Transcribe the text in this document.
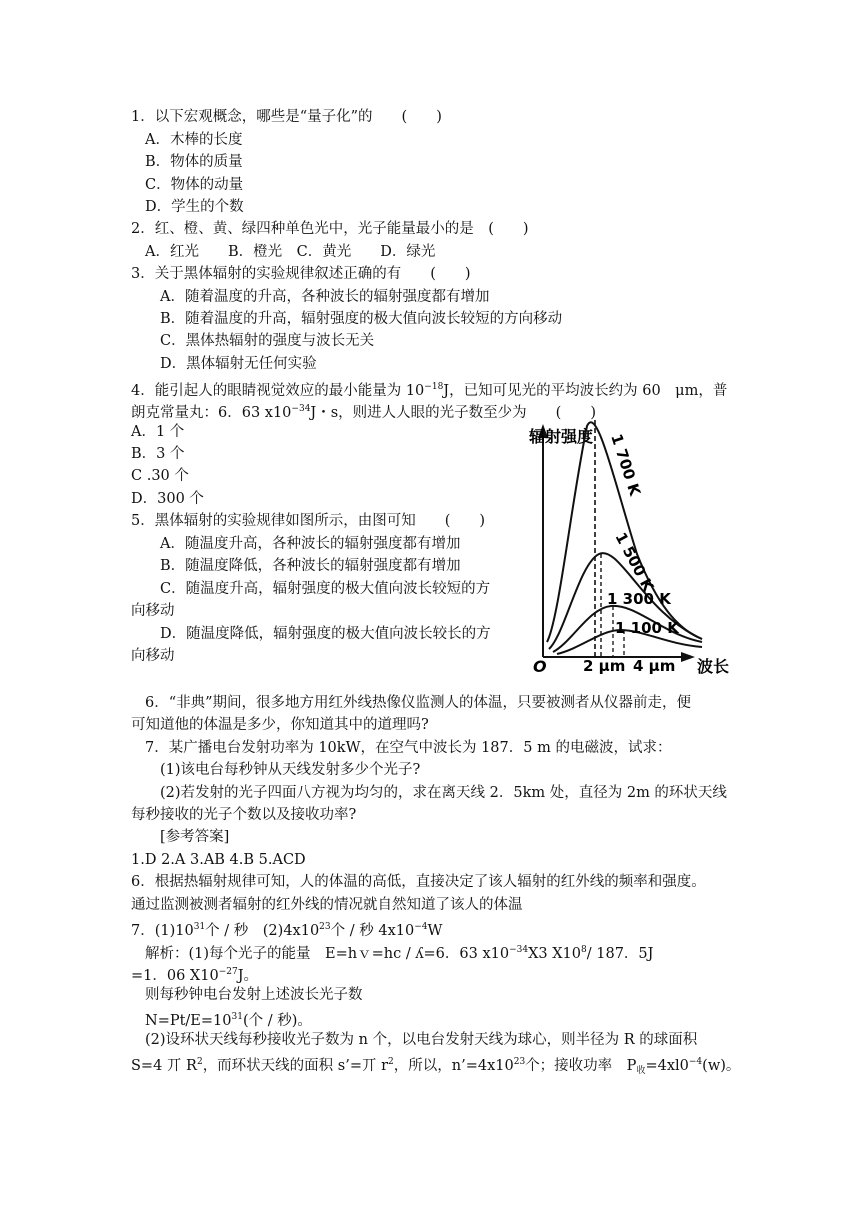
1．以下宏观概念，哪些是“量子化”的　　(　　)
A．木棒的长度
B．物体的质量
C．物体的动量
D．学生的个数
2．红、橙、黄、绿四种单色光中，光子能量最小的是　(　　)
A．红光　　B．橙光　C．黄光　　D．绿光
3．关于黑体辐射的实验规律叙述正确的有　　(　　)
A．随着温度的升高，各种波长的辐射强度都有增加
B．随着温度的升高，辐射强度的极大值向波长较短的方向移动
C．黑体热辐射的强度与波长无关
D．黑体辐射无任何实验
4．能引起人的眼睛视觉效应的最小能量为 $10^{-18}J$，已知可见光的平均波长约为 60　μm，普
朗克常量丸：6．63 $x10^{-34}J$・s，则进人人眼的光子数至少为　　(　　)
A．1 个
B．3 个
C .30 个
D．300 个
5．黑体辐射的实验规律如图所示，由图可知　　(　　)
A．随温度升高，各种波长的辐射强度都有增加
B．随温度降低，各种波长的辐射强度都有增加
C．随温度升高，辐射强度的极大值向波长较短的方
向移动
D．随温度降低，辐射强度的极大值向波长较长的方
向移动
辐射强度
波长
O 2 μm 4 μm
1 700 K
1 500 K
1 300 K
1 100 K
6．“非典”期间，很多地方用红外线热像仪监测人的体温，只要被测者从仪器前走，便
可知道他的体温是多少，你知道其中的道理吗?
7．某广播电台发射功率为 10kW，在空气中波长为 187．5 m 的电磁波，试求：
(1)该电台每秒钟从天线发射多少个光子?
(2)若发射的光子四面八方视为均匀的，求在离天线 2．5km 处，直径为 2m 的环状天线
每秒接收的光子个数以及接收功率?
[参考答案]
1.D 2.A 3.AB 4.B 5.ACD
6．根据热辐射规律可知，人的体温的高低，直接决定了该人辐射的红外线的频率和强度。
通过监测被测者辐射的红外线的情况就自然知道了该人的体温
7．$(1)10^{31}$个 / 秒　$(2)4x10^{23}$个 / 秒 $4x10^{-4}W$
解析：(1)每个光子的能量　E=hｖ=hc / ʎ=6．63 $x10^{-34}X3$ $X10^8/$ 187．5J
=1．06 $X10^{-27}J$。
则每秒钟电台发射上述波长光子数
$N=Pt/E=10^{31}$(个 / 秒)。
(2)设环状天线每秒接收光子数为 n 个，以电台发射天线为球心，则半径为 R 的球面积
S=4 丌 $R^2$，而环状天线的面积 s’=丌 $r^2$，所以，$n’=4x10^{23}$个；接收功率　$P_收=4xl0^{-4}(w)$。
